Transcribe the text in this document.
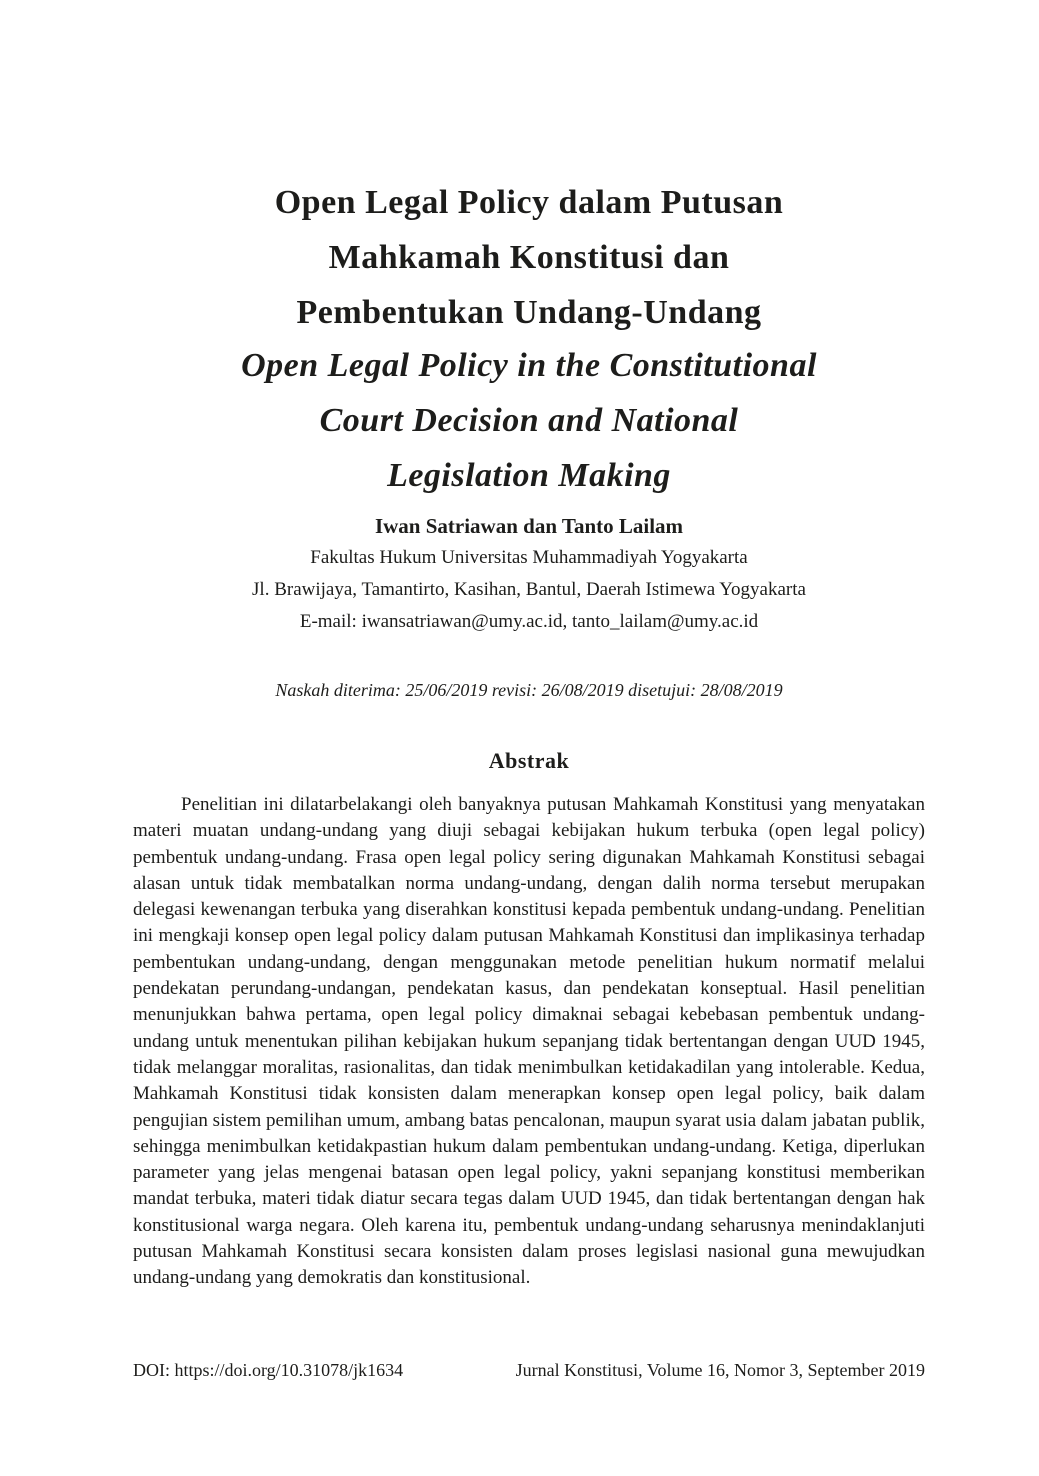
Open Legal Policy dalam Putusan
Mahkamah Konstitusi dan
Pembentukan Undang-Undang
Open Legal Policy in the Constitutional
Court Decision and National
Legislation Making
Iwan Satriawan dan Tanto Lailam
Fakultas Hukum Universitas Muhammadiyah Yogyakarta
Jl. Brawijaya, Tamantirto, Kasihan, Bantul, Daerah Istimewa Yogyakarta
E-mail: iwansatriawan@umy.ac.id, tanto_lailam@umy.ac.id
Naskah diterima: 25/06/2019 revisi: 26/08/2019 disetujui: 28/08/2019
Abstrak
Penelitian ini dilatarbelakangi oleh banyaknya putusan Mahkamah Konstitusi yang menyatakan materi muatan undang-undang yang diuji sebagai kebijakan hukum terbuka (open legal policy) pembentuk undang-undang. Frasa open legal policy sering digunakan Mahkamah Konstitusi sebagai alasan untuk tidak membatalkan norma undang-undang, dengan dalih norma tersebut merupakan delegasi kewenangan terbuka yang diserahkan konstitusi kepada pembentuk undang-undang. Penelitian ini mengkaji konsep open legal policy dalam putusan Mahkamah Konstitusi dan implikasinya terhadap pembentukan undang-undang, dengan menggunakan metode penelitian hukum normatif melalui pendekatan perundang-undangan, pendekatan kasus, dan pendekatan konseptual. Hasil penelitian menunjukkan bahwa pertama, open legal policy dimaknai sebagai kebebasan pembentuk undang-undang untuk menentukan pilihan kebijakan hukum sepanjang tidak bertentangan dengan UUD 1945, tidak melanggar moralitas, rasionalitas, dan tidak menimbulkan ketidakadilan yang intolerable. Kedua, Mahkamah Konstitusi tidak konsisten dalam menerapkan konsep open legal policy, baik dalam pengujian sistem pemilihan umum, ambang batas pencalonan, maupun syarat usia dalam jabatan publik, sehingga menimbulkan ketidakpastian hukum dalam pembentukan undang-undang. Ketiga, diperlukan parameter yang jelas mengenai batasan open legal policy, yakni sepanjang konstitusi memberikan mandat terbuka, materi tidak diatur secara tegas dalam UUD 1945, dan tidak bertentangan dengan hak konstitusional warga negara. Oleh karena itu, pembentuk undang-undang seharusnya menindaklanjuti putusan Mahkamah Konstitusi secara konsisten dalam proses legislasi nasional guna mewujudkan undang-undang yang demokratis dan konstitusional.
DOI: https://doi.org/10.31078/jk1634	Jurnal Konstitusi, Volume 16, Nomor 3, September 2019
